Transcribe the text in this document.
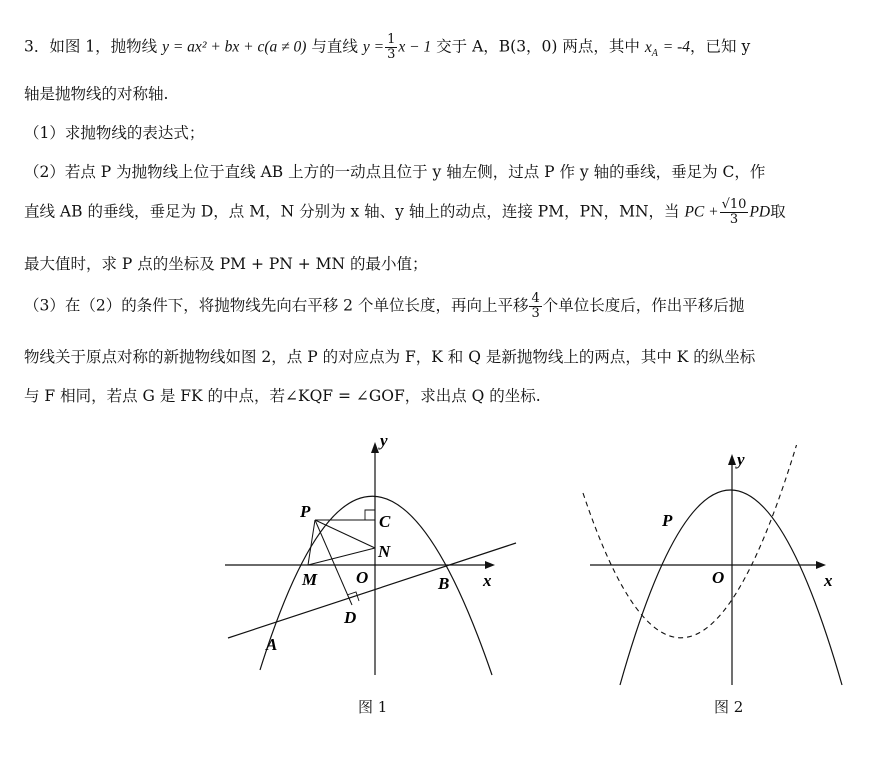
3．如图 1，抛物线 y = ax² + bx + c(a ≠ 0) 与直线 $y = \frac{1}{3}$ x − 1 交于 A，B(3，0) 两点，其中 $x_A = -4$，已知 y
轴是抛物线的对称轴.
（1）求抛物线的表达式；
（2）若点 P 为抛物线上位于直线 AB 上方的一动点且位于 y 轴左侧，过点 P 作 y 轴的垂线，垂足为 C，作
直线 AB 的垂线，垂足为 D，点 M，N 分别为 x 轴、y 轴上的动点，连接 PM，PN，MN，当 PC + $\frac{√10}{3}$ PD取
最大值时，求 P 点的坐标及 PM + PN + MN 的最小值；
（3）在（2）的条件下，将抛物线先向右平移 2 个单位长度，再向上平移 $\frac{4}{3}$ 个单位长度后，作出平移后抛
物线关于原点对称的新抛物线如图 2，点 P 的对应点为 F，K 和 Q 是新抛物线上的两点，其中 K 的纵坐标
与 F 相同，若点 G 是 FK 的中点，若∠KQF = ∠GOF，求出点 Q 的坐标.
y
x
P
C
N
M O	B
D
A
图 1
y
x
P
O
图 2
